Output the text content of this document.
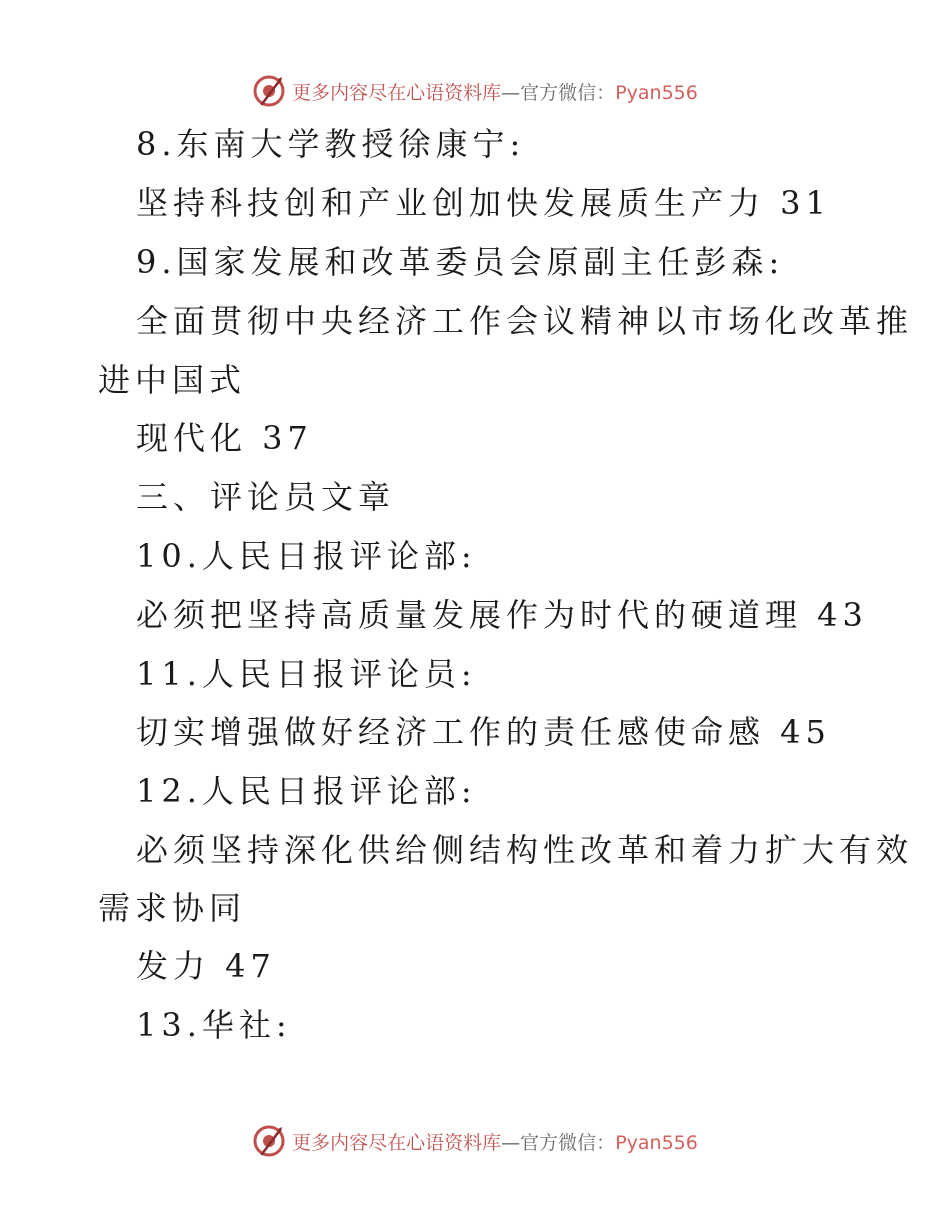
更多内容尽在心语资料库—官方微信：Pyan556
8.东南大学教授徐康宁:
坚持科技创和产业创加快发展质生产力 31
9.国家发展和改革委员会原副主任彭森:
全面贯彻中央经济工作会议精神以市场化改革推
进中国式
现代化 37
三、评论员文章
10.人民日报评论部:
必须把坚持高质量发展作为时代的硬道理 43
11.人民日报评论员:
切实增强做好经济工作的责任感使命感 45
12.人民日报评论部:
必须坚持深化供给侧结构性改革和着力扩大有效
需求协同
发力 47
13.华社:
更多内容尽在心语资料库—官方微信：Pyan556
